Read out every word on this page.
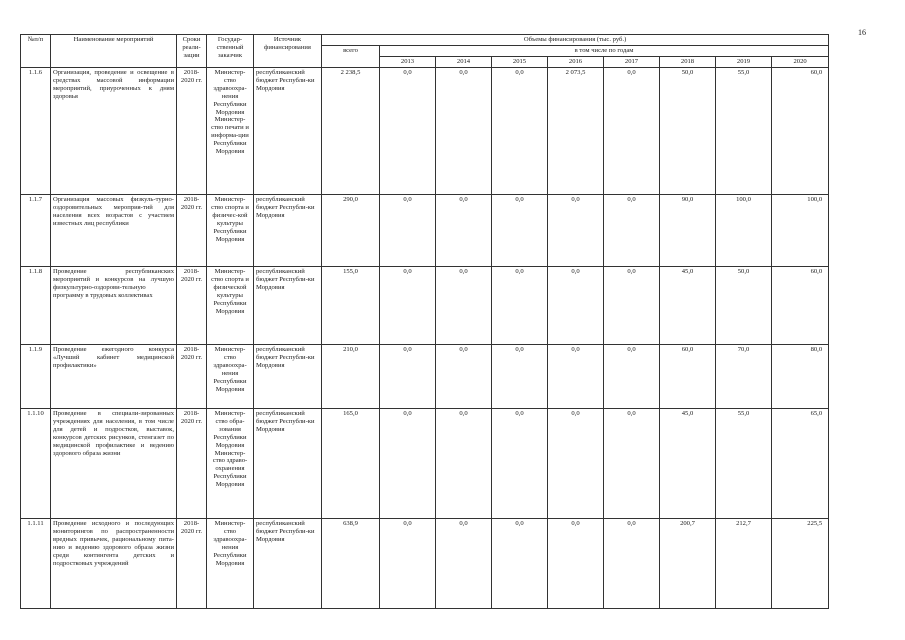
16
№п/п	Наименование мероприятий	Сроки реали-зации	Государ-ственный заказчик	Источник финансирования	Объемы финансирования (тыс. руб.)								
					всего	в том числе по годам							
						2013	2014	2015	2016	2017	2018	2019	2020
1.1.6	Организация, проведение и освещение в средствах массовой информации мероприятий, приуроченных к дням здоровья	2018-2020 гг.	Министер-ство здравоохра-нения Республики Мордовия Министер-ство печати и информа-ции Республики Мордовия	республиканский бюджет Республи-ки Мордовия	2 238,5	0,0	0,0	0,0	2 073,5	0,0	50,0	55,0	60,0
1.1.7	Организация массовых физкуль-турно-оздоровительных мероприя-тий для населения всех возрастов с участием известных лиц республики	2018-2020 гг.	Министер-ство спорта и физичес-кой культуры Республики Мордовия	республиканский бюджет Республи-ки Мордовия	290,0	0,0	0,0	0,0	0,0	0,0	90,0	100,0	100,0
1.1.8	Проведение республиканских мероприятий и конкурсов на лучшую физкультурно-оздорови-тельную программу в трудовых коллективах	2018-2020 гг.	Министер-ство спорта и физической культуры Республики Мордовия	республиканский бюджет Республи-ки Мордовия	155,0	0,0	0,0	0,0	0,0	0,0	45,0	50,0	60,0
1.1.9	Проведение ежегодного конкурса «Лучший кабинет медицинской профилактики»	2018-2020 гг.	Министер-ство здравоохра-нения Республики Мордовия	республиканский бюджет Республи-ки Мордовия	210,0	0,0	0,0	0,0	0,0	0,0	60,0	70,0	80,0
1.1.10	Проведение в специали-зированных учреждениях для населения, в том числе для детей и подростков, выставок, конкурсов детских рисунков, стенгазет по медицинской профилактике и ведению здорового образа жизни	2018-2020 гг.	Министер-ство обра-зования Республики Мордовия Министер-ство здраво-охранения Республики Мордовия	республиканский бюджет Республи-ки Мордовия	165,0	0,0	0,0	0,0	0,0	0,0	45,0	55,0	65,0
1.1.11	Проведение исходного и последующих мониторингов по распространенности вредных привычек, рациональному пита-нию и ведению здорового образа жизни среди контингента детских и подростковых учреждений	2018-2020 гг.	Министер-ство здравоохра-нения Республики Мордовия	республиканский бюджет Республи-ки Мордовия	638,9	0,0	0,0	0,0	0,0	0,0	200,7	212,7	225,5
